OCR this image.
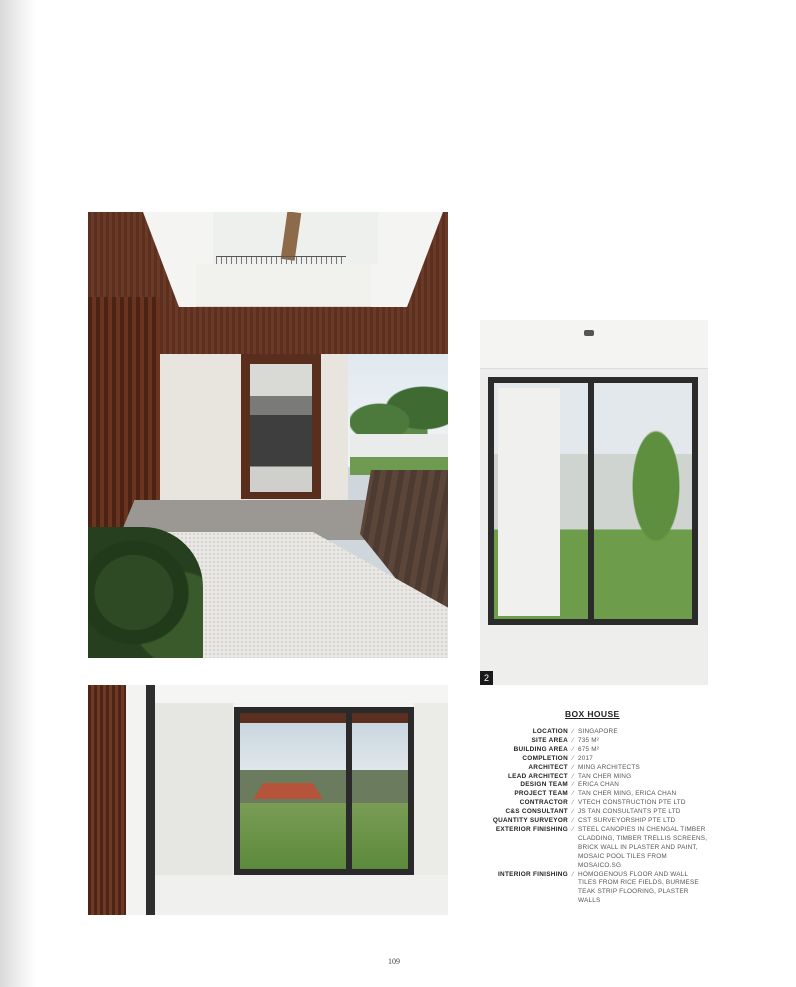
2
BOX HOUSE
LOCATION ⁄ SINGAPORE
SITE AREA ⁄ 735 M²
BUILDING AREA ⁄ 675 M²
COMPLETION ⁄ 2017
ARCHITECT ⁄ MING ARCHITECTS
LEAD ARCHITECT ⁄ TAN CHER MING
DESIGN TEAM ⁄ ERICA CHAN
PROJECT TEAM ⁄ TAN CHER MING, ERICA CHAN
CONTRACTOR ⁄ VTECH CONSTRUCTION PTE LTD
C&S CONSULTANT ⁄ JS TAN CONSULTANTS PTE LTD
QUANTITY SURVEYOR ⁄ CST SURVEYORSHIP PTE LTD
EXTERIOR FINISHING ⁄ STEEL CANOPIES IN CHENGAL TIMBER CLADDING, TIMBER TRELLIS SCREENS, BRICK WALL IN PLASTER AND PAINT, MOSAIC POOL TILES FROM MOSAICO.SG
INTERIOR FINISHING ⁄ HOMOGENOUS FLOOR AND WALL TILES FROM RICE FIELDS, BURMESE TEAK STRIP FLOORING, PLASTER WALLS
109
